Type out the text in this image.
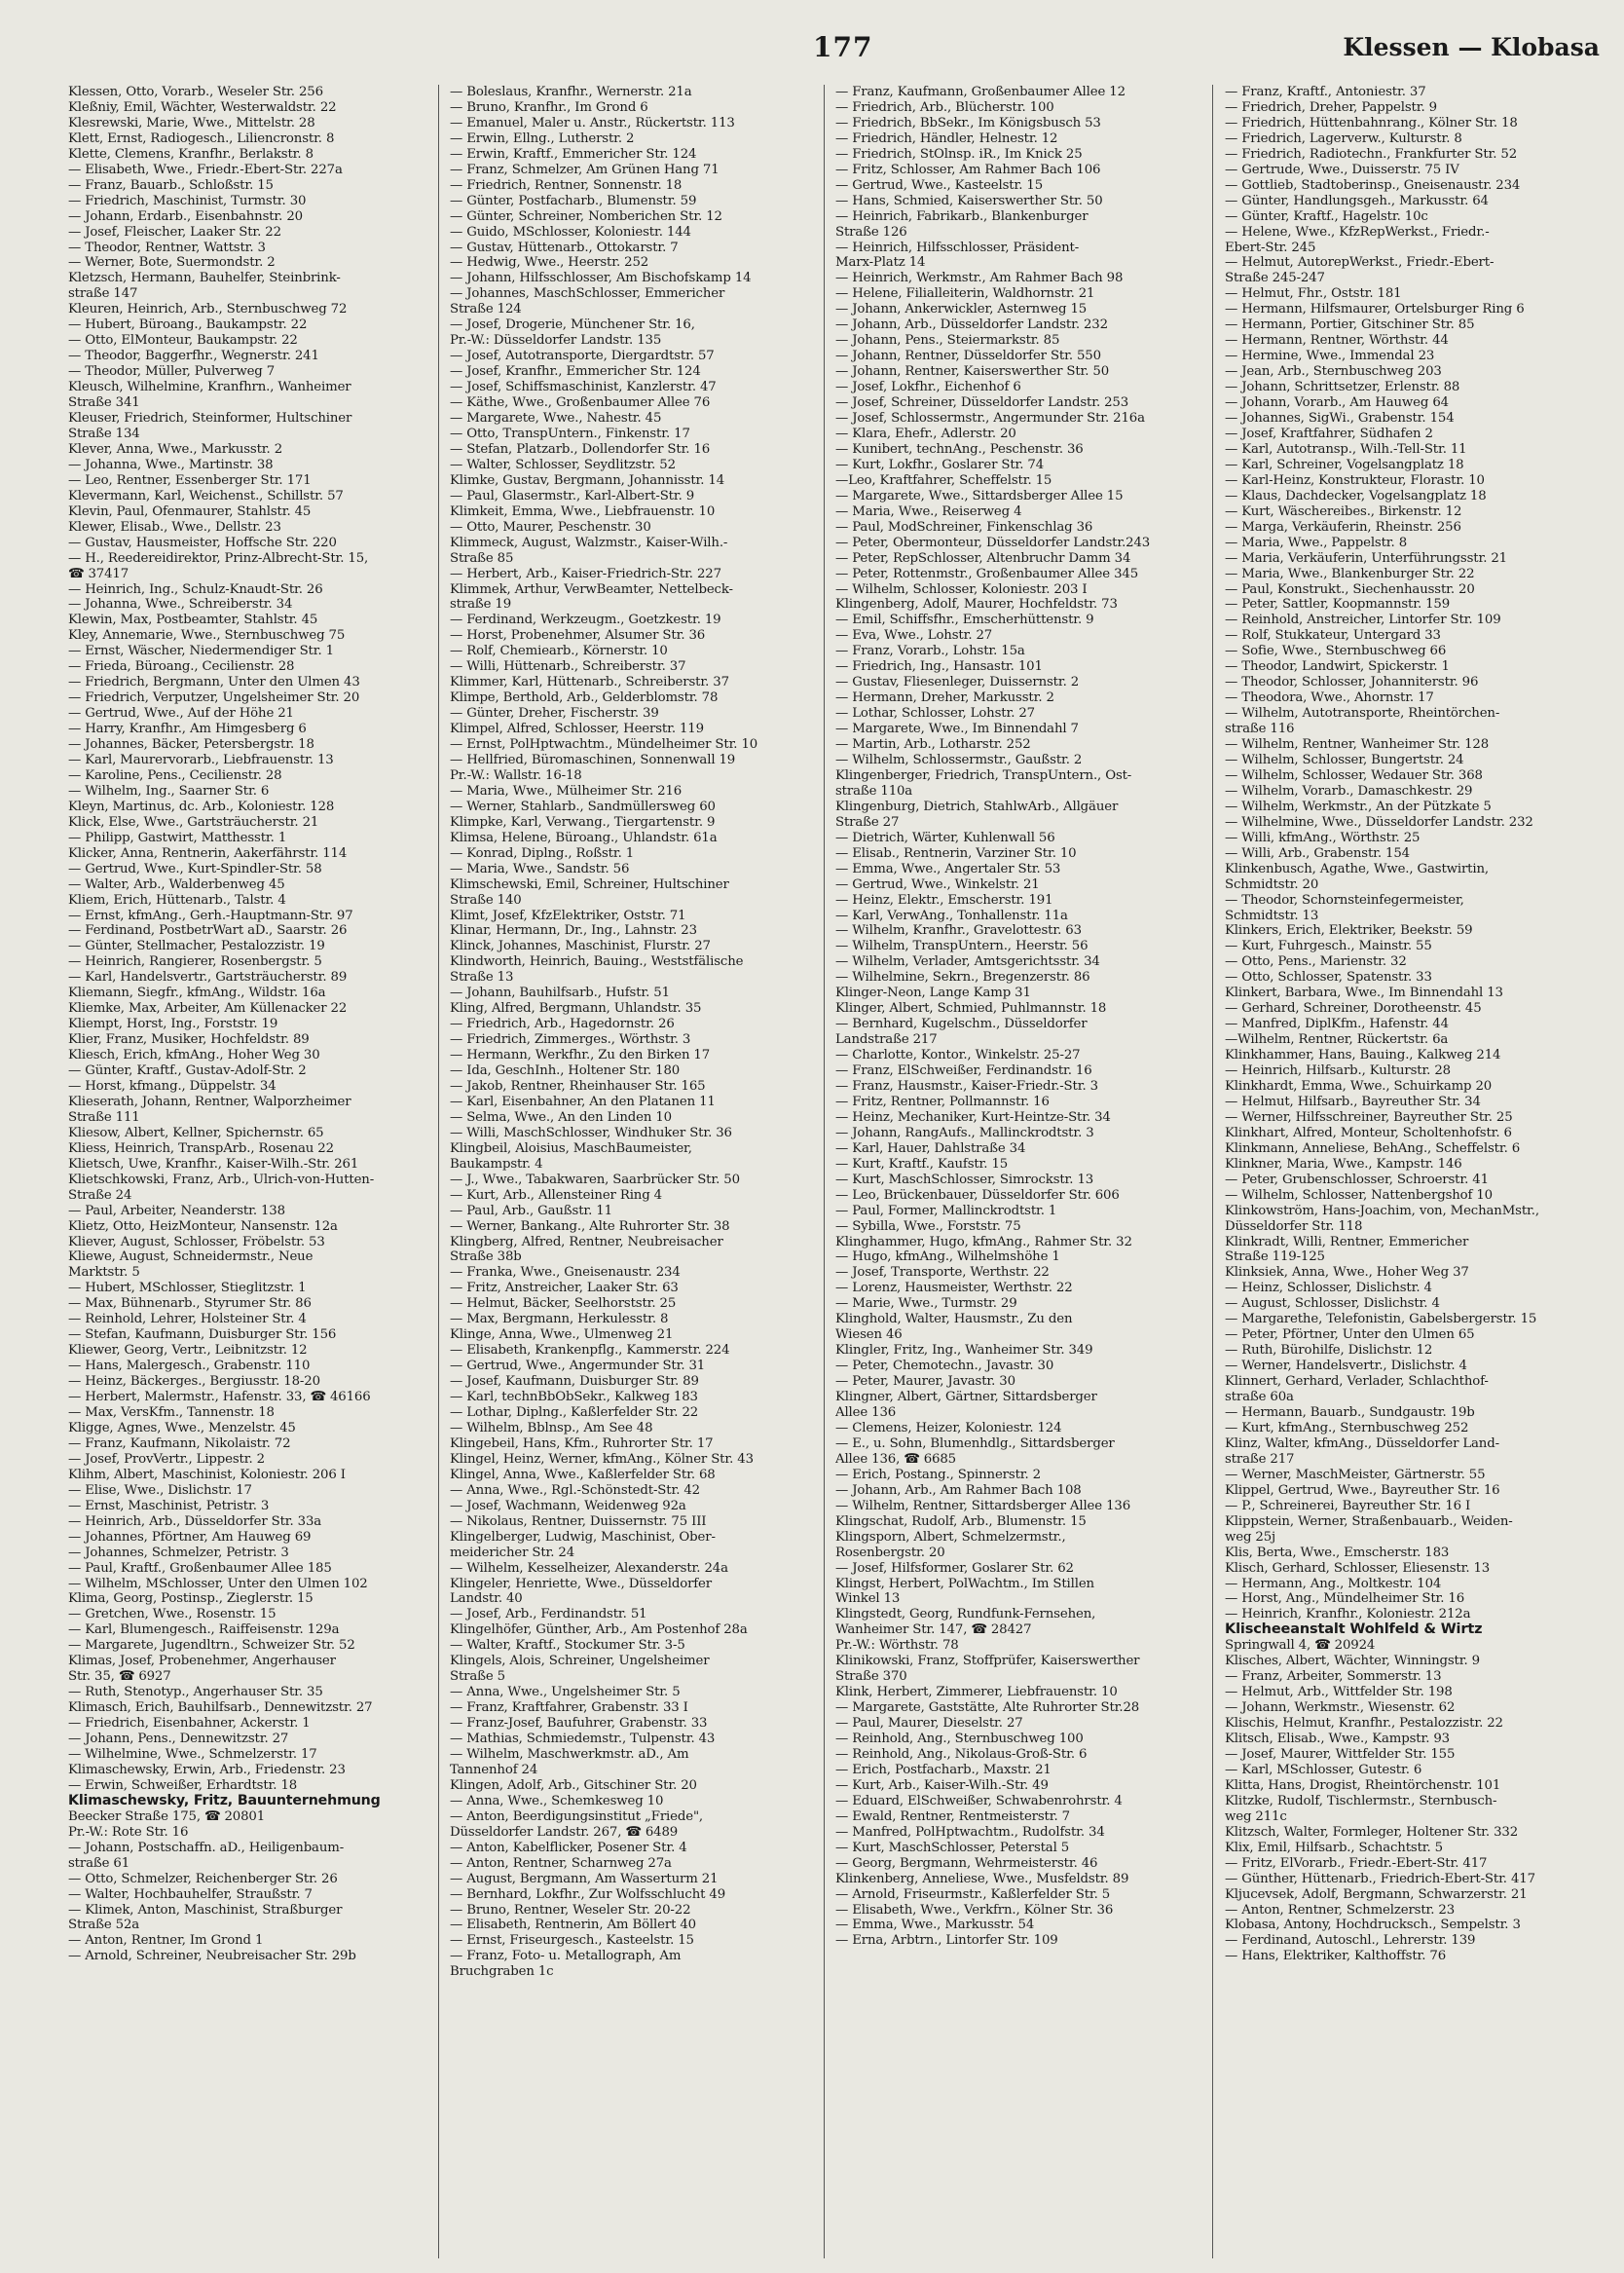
177	Klessen — Klobasa
Klessen, Otto, Vorarb., Weseler Str. 256
Kleßniy, Emil, Wächter, Westerwaldstr. 22
Klesrewski, Marie, Wwe., Mittelstr. 28
Klett, Ernst, Radiogesch., Liliencronstr. 8
Klette, Clemens, Kranfhr., Berlakstr. 8
— Elisabeth, Wwe., Friedr.-Ebert-Str. 227a
— Franz, Bauarb., Schloßstr. 15
— Friedrich, Maschinist, Turmstr. 30
— Johann, Erdarb., Eisenbahnstr. 20
— Josef, Fleischer, Laaker Str. 22
— Theodor, Rentner, Wattstr. 3
— Werner, Bote, Suermondstr. 2
Kletzsch, Hermann, Bauhelfer, Steinbrink-
straße 147
Kleuren, Heinrich, Arb., Sternbuschweg 72
— Hubert, Büroang., Baukampstr. 22
— Otto, ElMonteur, Baukampstr. 22
— Theodor, Baggerfhr., Wegnerstr. 241
— Theodor, Müller, Pulverweg 7
Kleusch, Wilhelmine, Kranfhrn., Wanheimer
Straße 341
Kleuser, Friedrich, Steinformer, Hultschiner
Straße 134
Klever, Anna, Wwe., Markusstr. 2
— Johanna, Wwe., Martinstr. 38
— Leo, Rentner, Essenberger Str. 171
Klevermann, Karl, Weichenst., Schillstr. 57
Klevin, Paul, Ofenmaurer, Stahlstr. 45
Klewer, Elisab., Wwe., Dellstr. 23
— Gustav, Hausmeister, Hoffsche Str. 220
— H., Reedereidirektor, Prinz-Albrecht-Str. 15,
☎ 37417
— Heinrich, Ing., Schulz-Knaudt-Str. 26
— Johanna, Wwe., Schreiberstr. 34
Klewin, Max, Postbeamter, Stahlstr. 45
Kley, Annemarie, Wwe., Sternbuschweg 75
— Ernst, Wäscher, Niedermendiger Str. 1
— Frieda, Büroang., Cecilienstr. 28
— Friedrich, Bergmann, Unter den Ulmen 43
— Friedrich, Verputzer, Ungelsheimer Str. 20
— Gertrud, Wwe., Auf der Höhe 21
— Harry, Kranfhr., Am Himgesberg 6
— Johannes, Bäcker, Petersbergstr. 18
— Karl, Maurervorarb., Liebfrauenstr. 13
— Karoline, Pens., Cecilienstr. 28
— Wilhelm, Ing., Saarner Str. 6
Kleyn, Martinus, dc. Arb., Koloniestr. 128
Klick, Else, Wwe., Gartsträucherstr. 21
— Philipp, Gastwirt, Matthesstr. 1
Klicker, Anna, Rentnerin, Aakerfährstr. 114
— Gertrud, Wwe., Kurt-Spindler-Str. 58
— Walter, Arb., Walderbenweg 45
Kliem, Erich, Hüttenarb., Talstr. 4
— Ernst, kfmAng., Gerh.-Hauptmann-Str. 97
— Ferdinand, PostbetrWart aD., Saarstr. 26
— Günter, Stellmacher, Pestalozzistr. 19
— Heinrich, Rangierer, Rosenbergstr. 5
— Karl, Handelsvertr., Gartsträucherstr. 89
Kliemann, Siegfr., kfmAng., Wildstr. 16a
Kliemke, Max, Arbeiter, Am Küllenacker 22
Kliempt, Horst, Ing., Forststr. 19
Klier, Franz, Musiker, Hochfeldstr. 89
Kliesch, Erich, kfmAng., Hoher Weg 30
— Günter, Kraftf., Gustav-Adolf-Str. 2
— Horst, kfmang., Düppelstr. 34
Klieserath, Johann, Rentner, Walporzheimer
Straße 111
Kliesow, Albert, Kellner, Spichernstr. 65
Kliess, Heinrich, TranspArb., Rosenau 22
Klietsch, Uwe, Kranfhr., Kaiser-Wilh.-Str. 261
Klietschkowski, Franz, Arb., Ulrich-von-Hutten-
Straße 24
— Paul, Arbeiter, Neanderstr. 138
Klietz, Otto, HeizMonteur, Nansenstr. 12a
Kliever, August, Schlosser, Fröbelstr. 53
Kliewe, August, Schneidermstr., Neue
Marktstr. 5
— Hubert, MSchlosser, Stieglitzstr. 1
— Max, Bühnenarb., Styrumer Str. 86
— Reinhold, Lehrer, Holsteiner Str. 4
— Stefan, Kaufmann, Duisburger Str. 156
Kliewer, Georg, Vertr., Leibnitzstr. 12
— Hans, Malergesch., Grabenstr. 110
— Heinz, Bäckerges., Bergiusstr. 18-20
— Herbert, Malermstr., Hafenstr. 33, ☎ 46166
— Max, VersKfm., Tannenstr. 18
Kligge, Agnes, Wwe., Menzelstr. 45
— Franz, Kaufmann, Nikolaistr. 72
— Josef, ProvVertr., Lippestr. 2
Klihm, Albert, Maschinist, Koloniestr. 206 I
— Elise, Wwe., Dislichstr. 17
— Ernst, Maschinist, Petristr. 3
— Heinrich, Arb., Düsseldorfer Str. 33a
— Johannes, Pförtner, Am Hauweg 69
— Johannes, Schmelzer, Petristr. 3
— Paul, Kraftf., Großenbaumer Allee 185
— Wilhelm, MSchlosser, Unter den Ulmen 102
Klima, Georg, Postinsp., Zieglerstr. 15
— Gretchen, Wwe., Rosenstr. 15
— Karl, Blumengesch., Raiffeisenstr. 129a
— Margarete, Jugendltrn., Schweizer Str. 52
Klimas, Josef, Probenehmer, Angerhauser
Str. 35, ☎ 6927
— Ruth, Stenotyp., Angerhauser Str. 35
Klimasch, Erich, Bauhilfsarb., Dennewitzstr. 27
— Friedrich, Eisenbahner, Ackerstr. 1
— Johann, Pens., Dennewitzstr. 27
— Wilhelmine, Wwe., Schmelzerstr. 17
Klimaschewsky, Erwin, Arb., Friedenstr. 23
— Erwin, Schweißer, Erhardtstr. 18
Klimaschewsky, Fritz, Bauunternehmung
Beecker Straße 175, ☎ 20801
Pr.-W.: Rote Str. 16
— Johann, Postschaffn. aD., Heiligenbaum-
straße 61
— Otto, Schmelzer, Reichenberger Str. 26
— Walter, Hochbauhelfer, Straußstr. 7
— Klimek, Anton, Maschinist, Straßburger
Straße 52a
— Anton, Rentner, Im Grond 1
— Arnold, Schreiner, Neubreisacher Str. 29b
— Boleslaus, Kranfhr., Wernerstr. 21a
— Bruno, Kranfhr., Im Grond 6
— Emanuel, Maler u. Anstr., Rückertstr. 113
— Erwin, Ellng., Lutherstr. 2
— Erwin, Kraftf., Emmericher Str. 124
— Franz, Schmelzer, Am Grünen Hang 71
— Friedrich, Rentner, Sonnenstr. 18
— Günter, Postfacharb., Blumenstr. 59
— Günter, Schreiner, Nomberichen Str. 12
— Guido, MSchlosser, Koloniestr. 144
— Gustav, Hüttenarb., Ottokarstr. 7
— Hedwig, Wwe., Heerstr. 252
— Johann, Hilfsschlosser, Am Bischofskamp 14
— Johannes, MaschSchlosser, Emmericher
Straße 124
— Josef, Drogerie, Münchener Str. 16,
Pr.-W.: Düsseldorfer Landstr. 135
— Josef, Autotransporte, Diergardtstr. 57
— Josef, Kranfhr., Emmericher Str. 124
— Josef, Schiffsmaschinist, Kanzlerstr. 47
— Käthe, Wwe., Großenbaumer Allee 76
— Margarete, Wwe., Nahestr. 45
— Otto, TranspUntern., Finkenstr. 17
— Stefan, Platzarb., Dollendorfer Str. 16
— Walter, Schlosser, Seydlitzstr. 52
Klimke, Gustav, Bergmann, Johannisstr. 14
— Paul, Glasermstr., Karl-Albert-Str. 9
Klimkeit, Emma, Wwe., Liebfrauenstr. 10
— Otto, Maurer, Peschenstr. 30
Klimmeck, August, Walzmstr., Kaiser-Wilh.-
Straße 85
— Herbert, Arb., Kaiser-Friedrich-Str. 227
Klimmek, Arthur, VerwBeamter, Nettelbeck-
straße 19
— Ferdinand, Werkzeugm., Goetzkestr. 19
— Horst, Probenehmer, Alsumer Str. 36
— Rolf, Chemiearb., Körnerstr. 10
— Willi, Hüttenarb., Schreiberstr. 37
Klimmer, Karl, Hüttenarb., Schreiberstr. 37
Klimpe, Berthold, Arb., Gelderblomstr. 78
— Günter, Dreher, Fischerstr. 39
Klimpel, Alfred, Schlosser, Heerstr. 119
— Ernst, PolHptwachtm., Mündelheimer Str. 10
— Hellfried, Büromaschinen, Sonnenwall 19
Pr.-W.: Wallstr. 16-18
— Maria, Wwe., Mülheimer Str. 216
— Werner, Stahlarb., Sandmüllersweg 60
Klimpke, Karl, Verwang., Tiergartenstr. 9
Klimsa, Helene, Büroang., Uhlandstr. 61a
— Konrad, Diplng., Roßstr. 1
— Maria, Wwe., Sandstr. 56
Klimschewski, Emil, Schreiner, Hultschiner
Straße 140
Klimt, Josef, KfzElektriker, Oststr. 71
Klinar, Hermann, Dr., Ing., Lahnstr. 23
Klinck, Johannes, Maschinist, Flurstr. 27
Klindworth, Heinrich, Bauing., Weststfälische
Straße 13
— Johann, Bauhilfsarb., Hufstr. 51
Kling, Alfred, Bergmann, Uhlandstr. 35
— Friedrich, Arb., Hagedornstr. 26
— Friedrich, Zimmerges., Wörthstr. 3
— Hermann, Werkfhr., Zu den Birken 17
— Ida, GeschInh., Holtener Str. 180
— Jakob, Rentner, Rheinhauser Str. 165
— Karl, Eisenbahner, An den Platanen 11
— Selma, Wwe., An den Linden 10
— Willi, MaschSchlosser, Windhuker Str. 36
Klingbeil, Aloisius, MaschBaumeister,
Baukampstr. 4
— J., Wwe., Tabakwaren, Saarbrücker Str. 50
— Kurt, Arb., Allensteiner Ring 4
— Paul, Arb., Gaußstr. 11
— Werner, Bankang., Alte Ruhrorter Str. 38
Klingberg, Alfred, Rentner, Neubreisacher
Straße 38b
— Franka, Wwe., Gneisenaustr. 234
— Fritz, Anstreicher, Laaker Str. 63
— Helmut, Bäcker, Seelhorststr. 25
— Max, Bergmann, Herkulesstr. 8
Klinge, Anna, Wwe., Ulmenweg 21
— Elisabeth, Krankenpflg., Kammerstr. 224
— Gertrud, Wwe., Angermunder Str. 31
— Josef, Kaufmann, Duisburger Str. 89
— Karl, technBbObSekr., Kalkweg 183
— Lothar, Diplng., Kaßlerfelder Str. 22
— Wilhelm, Bblnsp., Am See 48
Klingebeil, Hans, Kfm., Ruhrorter Str. 17
Klingel, Heinz, Werner, kfmAng., Kölner Str. 43
Klingel, Anna, Wwe., Kaßlerfelder Str. 68
— Anna, Wwe., Rgl.-Schönstedt-Str. 42
— Josef, Wachmann, Weidenweg 92a
— Nikolaus, Rentner, Duissernstr. 75 III
Klingelberger, Ludwig, Maschinist, Ober-
meidericher Str. 24
— Wilhelm, Kesselheizer, Alexanderstr. 24a
Klingeler, Henriette, Wwe., Düsseldorfer
Landstr. 40
— Josef, Arb., Ferdinandstr. 51
Klingelhöfer, Günther, Arb., Am Postenhof 28a
— Walter, Kraftf., Stockumer Str. 3-5
Klingels, Alois, Schreiner, Ungelsheimer
Straße 5
— Anna, Wwe., Ungelsheimer Str. 5
— Franz, Kraftfahrer, Grabenstr. 33 I
— Franz-Josef, Baufuhrer, Grabenstr. 33
— Mathias, Schmiedemstr., Tulpenstr. 43
— Wilhelm, Maschwerkmstr. aD., Am
Tannenhof 24
Klingen, Adolf, Arb., Gitschiner Str. 20
— Anna, Wwe., Schemkesweg 10
— Anton, Beerdigungsinstitut „Friede",
Düsseldorfer Landstr. 267, ☎ 6489
— Anton, Kabelflicker, Posener Str. 4
— Anton, Rentner, Scharnweg 27a
— August, Bergmann, Am Wasserturm 21
— Bernhard, Lokfhr., Zur Wolfsschlucht 49
— Bruno, Rentner, Weseler Str. 20-22
— Elisabeth, Rentnerin, Am Böllert 40
— Ernst, Friseurgesch., Kasteelstr. 15
— Franz, Foto- u. Metallograph, Am
Bruchgraben 1c
— Franz, Kaufmann, Großenbaumer Allee 12
— Friedrich, Arb., Blücherstr. 100
— Friedrich, BbSekr., Im Königsbusch 53
— Friedrich, Händler, Helnestr. 12
— Friedrich, StOlnsp. iR., Im Knick 25
— Fritz, Schlosser, Am Rahmer Bach 106
— Gertrud, Wwe., Kasteelstr. 15
— Hans, Schmied, Kaiserswerther Str. 50
— Heinrich, Fabrikarb., Blankenburger
Straße 126
— Heinrich, Hilfsschlosser, Präsident-
Marx-Platz 14
— Heinrich, Werkmstr., Am Rahmer Bach 98
— Helene, Filialleiterin, Waldhornstr. 21
— Johann, Ankerwickler, Asternweg 15
— Johann, Arb., Düsseldorfer Landstr. 232
— Johann, Pens., Steiermarkstr. 85
— Johann, Rentner, Düsseldorfer Str. 550
— Johann, Rentner, Kaiserswerther Str. 50
— Josef, Lokfhr., Eichenhof 6
— Josef, Schreiner, Düsseldorfer Landstr. 253
— Josef, Schlossermstr., Angermunder Str. 216a
— Klara, Ehefr., Adlerstr. 20
— Kunibert, technAng., Peschenstr. 36
— Kurt, Lokfhr., Goslarer Str. 74
—Leo, Kraftfahrer, Scheffelstr. 15
— Margarete, Wwe., Sittardsberger Allee 15
— Maria, Wwe., Reiserweg 4
— Paul, ModSchreiner, Finkenschlag 36
— Peter, Obermonteur, Düsseldorfer Landstr.243
— Peter, RepSchlosser, Altenbruchr Damm 34
— Peter, Rottenmstr., Großenbaumer Allee 345
— Wilhelm, Schlosser, Koloniestr. 203 I
Klingenberg, Adolf, Maurer, Hochfeldstr. 73
— Emil, Schiffsfhr., Emscherhüttenstr. 9
— Eva, Wwe., Lohstr. 27
— Franz, Vorarb., Lohstr. 15a
— Friedrich, Ing., Hansastr. 101
— Gustav, Fliesenleger, Duissernstr. 2
— Hermann, Dreher, Markusstr. 2
— Lothar, Schlosser, Lohstr. 27
— Margarete, Wwe., Im Binnendahl 7
— Martin, Arb., Lotharstr. 252
— Wilhelm, Schlossermstr., Gaußstr. 2
Klingenberger, Friedrich, TranspUntern., Ost-
straße 110a
Klingenburg, Dietrich, StahlwArb., Allgäuer
Straße 27
— Dietrich, Wärter, Kuhlenwall 56
— Elisab., Rentnerin, Varziner Str. 10
— Emma, Wwe., Angertaler Str. 53
— Gertrud, Wwe., Winkelstr. 21
— Heinz, Elektr., Emscherstr. 191
— Karl, VerwAng., Tonhallenstr. 11a
— Wilhelm, Kranfhr., Gravelottestr. 63
— Wilhelm, TranspUntern., Heerstr. 56
— Wilhelm, Verlader, Amtsgerichtsstr. 34
— Wilhelmine, Sekrn., Bregenzerstr. 86
Klinger-Neon, Lange Kamp 31
Klinger, Albert, Schmied, Puhlmannstr. 18
— Bernhard, Kugelschm., Düsseldorfer
Landstraße 217
— Charlotte, Kontor., Winkelstr. 25-27
— Franz, ElSchweißer, Ferdinandstr. 16
— Franz, Hausmstr., Kaiser-Friedr.-Str. 3
— Fritz, Rentner, Pollmannstr. 16
— Heinz, Mechaniker, Kurt-Heintze-Str. 34
— Johann, RangAufs., Mallinckrodtstr. 3
— Karl, Hauer, Dahlstraße 34
— Kurt, Kraftf., Kaufstr. 15
— Kurt, MaschSchlosser, Simrockstr. 13
— Leo, Brückenbauer, Düsseldorfer Str. 606
— Paul, Former, Mallinckrodtstr. 1
— Sybilla, Wwe., Forststr. 75
Klinghammer, Hugo, kfmAng., Rahmer Str. 32
— Hugo, kfmAng., Wilhelmshöhe 1
— Josef, Transporte, Werthstr. 22
— Lorenz, Hausmeister, Werthstr. 22
— Marie, Wwe., Turmstr. 29
Klinghold, Walter, Hausmstr., Zu den
Wiesen 46
Klingler, Fritz, Ing., Wanheimer Str. 349
— Peter, Chemotechn., Javastr. 30
— Peter, Maurer, Javastr. 30
Klingner, Albert, Gärtner, Sittardsberger
Allee 136
— Clemens, Heizer, Koloniestr. 124
— E., u. Sohn, Blumenhdlg., Sittardsberger
Allee 136, ☎ 6685
— Erich, Postang., Spinnerstr. 2
— Johann, Arb., Am Rahmer Bach 108
— Wilhelm, Rentner, Sittardsberger Allee 136
Klingschat, Rudolf, Arb., Blumenstr. 15
Klingsporn, Albert, Schmelzermstr.,
Rosenbergstr. 20
— Josef, Hilfsformer, Goslarer Str. 62
Klingst, Herbert, PolWachtm., Im Stillen
Winkel 13
Klingstedt, Georg, Rundfunk-Fernsehen,
Wanheimer Str. 147, ☎ 28427
Pr.-W.: Wörthstr. 78
Klinikowski, Franz, Stoffprüfer, Kaiserswerther
Straße 370
Klink, Herbert, Zimmerer, Liebfrauenstr. 10
— Margarete, Gaststätte, Alte Ruhrorter Str.28
— Paul, Maurer, Dieselstr. 27
— Reinhold, Ang., Sternbuschweg 100
— Reinhold, Ang., Nikolaus-Groß-Str. 6
— Erich, Postfacharb., Maxstr. 21
— Kurt, Arb., Kaiser-Wilh.-Str. 49
— Eduard, ElSchweißer, Schwabenrohrstr. 4
— Ewald, Rentner, Rentmeisterstr. 7
— Manfred, PolHptwachtm., Rudolfstr. 34
— Kurt, MaschSchlosser, Peterstal 5
— Georg, Bergmann, Wehrmeisterstr. 46
Klinkenberg, Anneliese, Wwe., Musfeldstr. 89
— Arnold, Friseurmstr., Kaßlerfelder Str. 5
— Elisabeth, Wwe., Verkfrn., Kölner Str. 36
— Emma, Wwe., Markusstr. 54
— Erna, Arbtrn., Lintorfer Str. 109
— Franz, Kraftf., Antoniestr. 37
— Friedrich, Dreher, Pappelstr. 9
— Friedrich, Hüttenbahnrang., Kölner Str. 18
— Friedrich, Lagerverw., Kulturstr. 8
— Friedrich, Radiotechn., Frankfurter Str. 52
— Gertrude, Wwe., Duisserstr. 75 IV
— Gottlieb, Stadtoberinsp., Gneisenaustr. 234
— Günter, Handlungsgeh., Markusstr. 64
— Günter, Kraftf., Hagelstr. 10c
— Helene, Wwe., KfzRepWerkst., Friedr.-
Ebert-Str. 245
— Helmut, AutorepWerkst., Friedr.-Ebert-
Straße 245-247
— Helmut, Fhr., Oststr. 181
— Hermann, Hilfsmaurer, Ortelsburger Ring 6
— Hermann, Portier, Gitschiner Str. 85
— Hermann, Rentner, Wörthstr. 44
— Hermine, Wwe., Immendal 23
— Jean, Arb., Sternbuschweg 203
— Johann, Schrittsetzer, Erlenstr. 88
— Johann, Vorarb., Am Hauweg 64
— Johannes, SigWi., Grabenstr. 154
— Josef, Kraftfahrer, Südhafen 2
— Karl, Autotransp., Wilh.-Tell-Str. 11
— Karl, Schreiner, Vogelsangplatz 18
— Karl-Heinz, Konstrukteur, Florastr. 10
— Klaus, Dachdecker, Vogelsangplatz 18
— Kurt, Wäschereibes., Birkenstr. 12
— Marga, Verkäuferin, Rheinstr. 256
— Maria, Wwe., Pappelstr. 8
— Maria, Verkäuferin, Unterführungsstr. 21
— Maria, Wwe., Blankenburger Str. 22
— Paul, Konstrukt., Siechenhausstr. 20
— Peter, Sattler, Koopmannstr. 159
— Reinhold, Anstreicher, Lintorfer Str. 109
— Rolf, Stukkateur, Untergard 33
— Sofie, Wwe., Sternbuschweg 66
— Theodor, Landwirt, Spickerstr. 1
— Theodor, Schlosser, Johanniterstr. 96
— Theodora, Wwe., Ahornstr. 17
— Wilhelm, Autotransporte, Rheintörchen-
straße 116
— Wilhelm, Rentner, Wanheimer Str. 128
— Wilhelm, Schlosser, Bungertstr. 24
— Wilhelm, Schlosser, Wedauer Str. 368
— Wilhelm, Vorarb., Damaschkestr. 29
— Wilhelm, Werkmstr., An der Pützkate 5
— Wilhelmine, Wwe., Düsseldorfer Landstr. 232
— Willi, kfmAng., Wörthstr. 25
— Willi, Arb., Grabenstr. 154
Klinkenbusch, Agathe, Wwe., Gastwirtin,
Schmidtstr. 20
— Theodor, Schornsteinfegermeister,
Schmidtstr. 13
Klinkers, Erich, Elektriker, Beekstr. 59
— Kurt, Fuhrgesch., Mainstr. 55
— Otto, Pens., Marienstr. 32
— Otto, Schlosser, Spatenstr. 33
Klinkert, Barbara, Wwe., Im Binnendahl 13
— Gerhard, Schreiner, Dorotheenstr. 45
— Manfred, DiplKfm., Hafenstr. 44
—Wilhelm, Rentner, Rückertstr. 6a
Klinkhammer, Hans, Bauing., Kalkweg 214
— Heinrich, Hilfsarb., Kulturstr. 28
Klinkhardt, Emma, Wwe., Schuirkamp 20
— Helmut, Hilfsarb., Bayreuther Str. 34
— Werner, Hilfsschreiner, Bayreuther Str. 25
Klinkhart, Alfred, Monteur, Scholtenhofstr. 6
Klinkmann, Anneliese, BehAng., Scheffelstr. 6
Klinkner, Maria, Wwe., Kampstr. 146
— Peter, Grubenschlosser, Schroerstr. 41
— Wilhelm, Schlosser, Nattenbergshof 10
Klinkowström, Hans-Joachim, von, MechanMstr.,
Düsseldorfer Str. 118
Klinkradt, Willi, Rentner, Emmericher
Straße 119-125
Klinksiek, Anna, Wwe., Hoher Weg 37
— Heinz, Schlosser, Dislichstr. 4
— August, Schlosser, Dislichstr. 4
— Margarethe, Telefonistin, Gabelsbergerstr. 15
— Peter, Pförtner, Unter den Ulmen 65
— Ruth, Bürohilfe, Dislichstr. 12
— Werner, Handelsvertr., Dislichstr. 4
Klinnert, Gerhard, Verlader, Schlachthof-
straße 60a
— Hermann, Bauarb., Sundgaustr. 19b
— Kurt, kfmAng., Sternbuschweg 252
Klinz, Walter, kfmAng., Düsseldorfer Land-
straße 217
— Werner, MaschMeister, Gärtnerstr. 55
Klippel, Gertrud, Wwe., Bayreuther Str. 16
— P., Schreinerei, Bayreuther Str. 16 I
Klippstein, Werner, Straßenbauarb., Weiden-
weg 25j
Klis, Berta, Wwe., Emscherstr. 183
Klisch, Gerhard, Schlosser, Eliesenstr. 13
— Hermann, Ang., Moltkestr. 104
— Horst, Ang., Mündelheimer Str. 16
— Heinrich, Kranfhr., Koloniestr. 212a
Klischeeanstalt Wohlfeld & Wirtz
Springwall 4, ☎ 20924
Klisches, Albert, Wächter, Winningstr. 9
— Franz, Arbeiter, Sommerstr. 13
— Helmut, Arb., Wittfelder Str. 198
— Johann, Werkmstr., Wiesenstr. 62
Klischis, Helmut, Kranfhr., Pestalozzistr. 22
Klitsch, Elisab., Wwe., Kampstr. 93
— Josef, Maurer, Wittfelder Str. 155
— Karl, MSchlosser, Gutestr. 6
Klitta, Hans, Drogist, Rheintörchenstr. 101
Klitzke, Rudolf, Tischlermstr., Sternbusch-
weg 211c
Klitzsch, Walter, Formleger, Holtener Str. 332
Klix, Emil, Hilfsarb., Schachtstr. 5
— Fritz, ElVorarb., Friedr.-Ebert-Str. 417
— Günther, Hüttenarb., Friedrich-Ebert-Str. 417
Kljucevsek, Adolf, Bergmann, Schwarzerstr. 21
— Anton, Rentner, Schmelzerstr. 23
Klobasa, Antony, Hochdrucksch., Sempelstr. 3
— Ferdinand, Autoschl., Lehrerstr. 139
— Hans, Elektriker, Kalthoffstr. 76
